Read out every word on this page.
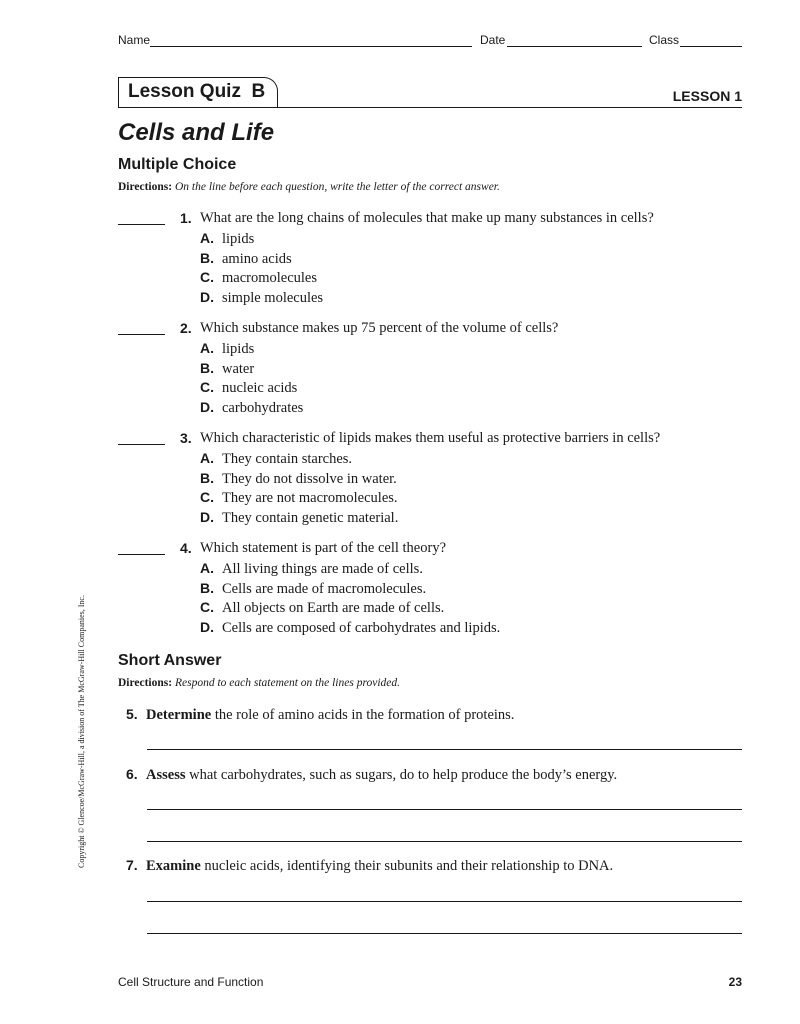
Name	Date	Class
Lesson Quiz  B	LESSON 1
Cells and Life
Multiple Choice
Directions: On the line before each question, write the letter of the correct answer.
1. What are the long chains of molecules that make up many substances in cells?
A. lipids
B. amino acids
C. macromolecules
D. simple molecules
2. Which substance makes up 75 percent of the volume of cells?
A. lipids
B. water
C. nucleic acids
D. carbohydrates
3. Which characteristic of lipids makes them useful as protective barriers in cells?
A. They contain starches.
B. They do not dissolve in water.
C. They are not macromolecules.
D. They contain genetic material.
4. Which statement is part of the cell theory?
A. All living things are made of cells.
B. Cells are made of macromolecules.
C. All objects on Earth are made of cells.
D. Cells are composed of carbohydrates and lipids.
Short Answer
Directions: Respond to each statement on the lines provided.
5. Determine the role of amino acids in the formation of proteins.
6. Assess what carbohydrates, such as sugars, do to help produce the body’s energy.
7. Examine nucleic acids, identifying their subunits and their relationship to DNA.
Copyright © Glencoe/McGraw-Hill, a division of The McGraw-Hill Companies, Inc.
Cell Structure and Function	23
